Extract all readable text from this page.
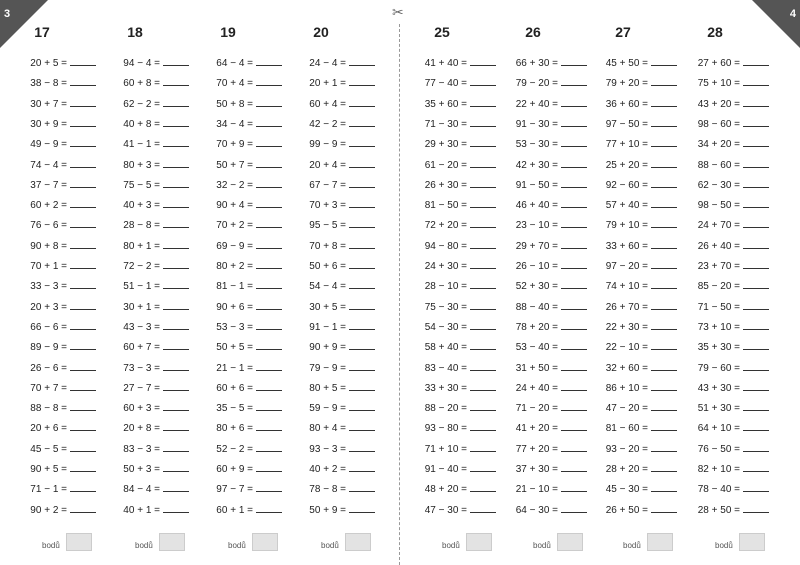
3	4
✂
17
20 + 5 =
38 − 8 =
30 + 7 =
30 + 9 =
49 − 9 =
74 − 4 =
37 − 7 =
60 + 2 =
76 − 6 =
90 + 8 =
70 + 1 =
33 − 3 =
20 + 3 =
66 − 6 =
89 − 9 =
26 − 6 =
70 + 7 =
88 − 8 =
20 + 6 =
45 − 5 =
90 + 5 =
71 − 1 =
90 + 2 =
bodů
18
94 − 4 =
60 + 8 =
62 − 2 =
40 + 8 =
41 − 1 =
80 + 3 =
75 − 5 =
40 + 3 =
28 − 8 =
80 + 1 =
72 − 2 =
51 − 1 =
30 + 1 =
43 − 3 =
60 + 7 =
73 − 3 =
27 − 7 =
60 + 3 =
20 + 8 =
83 − 3 =
50 + 3 =
84 − 4 =
40 + 1 =
bodů
19
64 − 4 =
70 + 4 =
50 + 8 =
34 − 4 =
70 + 9 =
50 + 7 =
32 − 2 =
90 + 4 =
70 + 2 =
69 − 9 =
80 + 2 =
81 − 1 =
90 + 6 =
53 − 3 =
50 + 5 =
21 − 1 =
60 + 6 =
35 − 5 =
80 + 6 =
52 − 2 =
60 + 9 =
97 − 7 =
60 + 1 =
bodů
20
24 − 4 =
20 + 1 =
60 + 4 =
42 − 2 =
99 − 9 =
20 + 4 =
67 − 7 =
70 + 3 =
95 − 5 =
70 + 8 =
50 + 6 =
54 − 4 =
30 + 5 =
91 − 1 =
90 + 9 =
79 − 9 =
80 + 5 =
59 − 9 =
80 + 4 =
93 − 3 =
40 + 2 =
78 − 8 =
50 + 9 =
bodů
25
41 + 40 =
77 − 40 =
35 + 60 =
71 − 30 =
29 + 30 =
61 − 20 =
26 + 30 =
81 − 50 =
72 + 20 =
94 − 80 =
24 + 30 =
28 − 10 =
75 − 30 =
54 − 30 =
58 + 40 =
83 − 40 =
33 + 30 =
88 − 20 =
93 − 80 =
71 + 10 =
91 − 40 =
48 + 20 =
47 − 30 =
bodů
26
66 + 30 =
79 − 20 =
22 + 40 =
91 − 30 =
53 − 30 =
42 + 30 =
91 − 50 =
46 + 40 =
23 − 10 =
29 + 70 =
26 − 10 =
52 + 30 =
88 − 40 =
78 + 20 =
53 − 40 =
31 + 50 =
24 + 40 =
71 − 20 =
41 + 20 =
77 + 20 =
37 + 30 =
21 − 10 =
64 − 30 =
bodů
27
45 + 50 =
79 + 20 =
36 + 60 =
97 − 50 =
77 + 10 =
25 + 20 =
92 − 60 =
57 + 40 =
79 + 10 =
33 + 60 =
97 − 20 =
74 + 10 =
26 + 70 =
22 + 30 =
22 − 10 =
32 + 60 =
86 + 10 =
47 − 20 =
81 − 60 =
93 − 20 =
28 + 20 =
45 − 30 =
26 + 50 =
bodů
28
27 + 60 =
75 + 10 =
43 + 20 =
98 − 60 =
34 + 20 =
88 − 60 =
62 − 30 =
98 − 50 =
24 + 70 =
26 + 40 =
23 + 70 =
85 − 20 =
71 − 50 =
73 + 10 =
35 + 30 =
79 − 60 =
43 + 30 =
51 + 30 =
64 + 10 =
76 − 50 =
82 + 10 =
78 − 40 =
28 + 50 =
bodů
